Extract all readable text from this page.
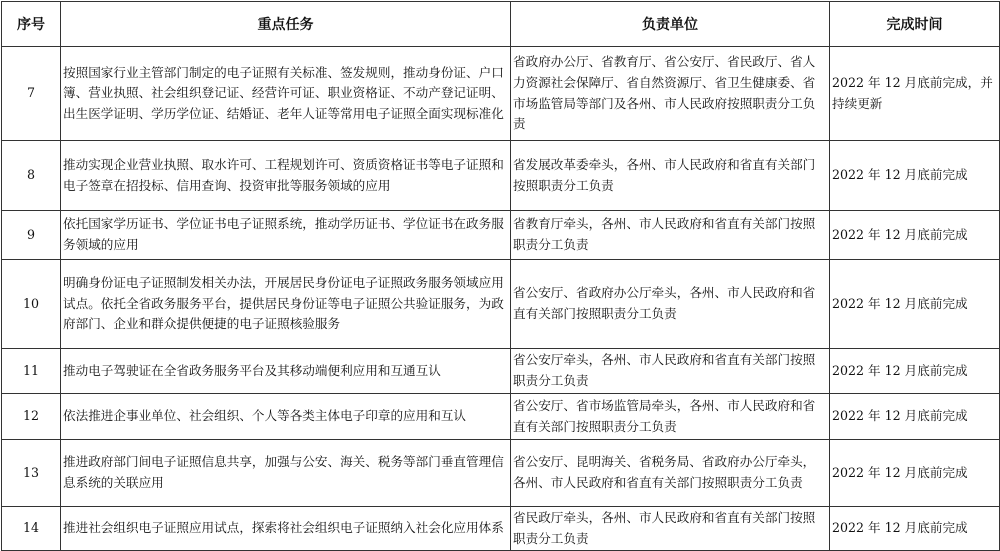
序号	重点任务	负责单位	完成时间
7	按照国家行业主管部门制定的电子证照有关标准、签发规则，推动身份证、户口簿、营业执照、社会组织登记证、经营许可证、职业资格证、不动产登记证明、出生医学证明、学历学位证、结婚证、老年人证等常用电子证照全面实现标准化	省政府办公厅、省教育厅、省公安厅、省民政厅、省人力资源社会保障厅、省自然资源厅、省卫生健康委、省市场监管局等部门及各州、市人民政府按照职责分工负责	2022 年 12 月底前完成，并持续更新
8	推动实现企业营业执照、取水许可、工程规划许可、资质资格证书等电子证照和电子签章在招投标、信用查询、投资审批等服务领域的应用	省发展改革委牵头，各州、市人民政府和省直有关部门按照职责分工负责	2022 年 12 月底前完成
9	依托国家学历证书、学位证书电子证照系统，推动学历证书、学位证书在政务服务领域的应用	省教育厅牵头，各州、市人民政府和省直有关部门按照职责分工负责	2022 年 12 月底前完成
10	明确身份证电子证照制发相关办法，开展居民身份证电子证照政务服务领域应用试点。依托全省政务服务平台，提供居民身份证等电子证照公共验证服务，为政府部门、企业和群众提供便捷的电子证照核验服务	省公安厅、省政府办公厅牵头，各州、市人民政府和省直有关部门按照职责分工负责	2022 年 12 月底前完成
11	推动电子驾驶证在全省政务服务平台及其移动端便利应用和互通互认	省公安厅牵头，各州、市人民政府和省直有关部门按照职责分工负责	2022 年 12 月底前完成
12	依法推进企事业单位、社会组织、个人等各类主体电子印章的应用和互认	省公安厅、省市场监管局牵头，各州、市人民政府和省直有关部门按照职责分工负责	2022 年 12 月底前完成
13	推进政府部门间电子证照信息共享，加强与公安、海关、税务等部门垂直管理信息系统的关联应用	省公安厅、昆明海关、省税务局、省政府办公厅牵头，各州、市人民政府和省直有关部门按照职责分工负责	2022 年 12 月底前完成
14	推进社会组织电子证照应用试点，探索将社会组织电子证照纳入社会化应用体系	省民政厅牵头，各州、市人民政府和省直有关部门按照职责分工负责	2022 年 12 月底前完成
